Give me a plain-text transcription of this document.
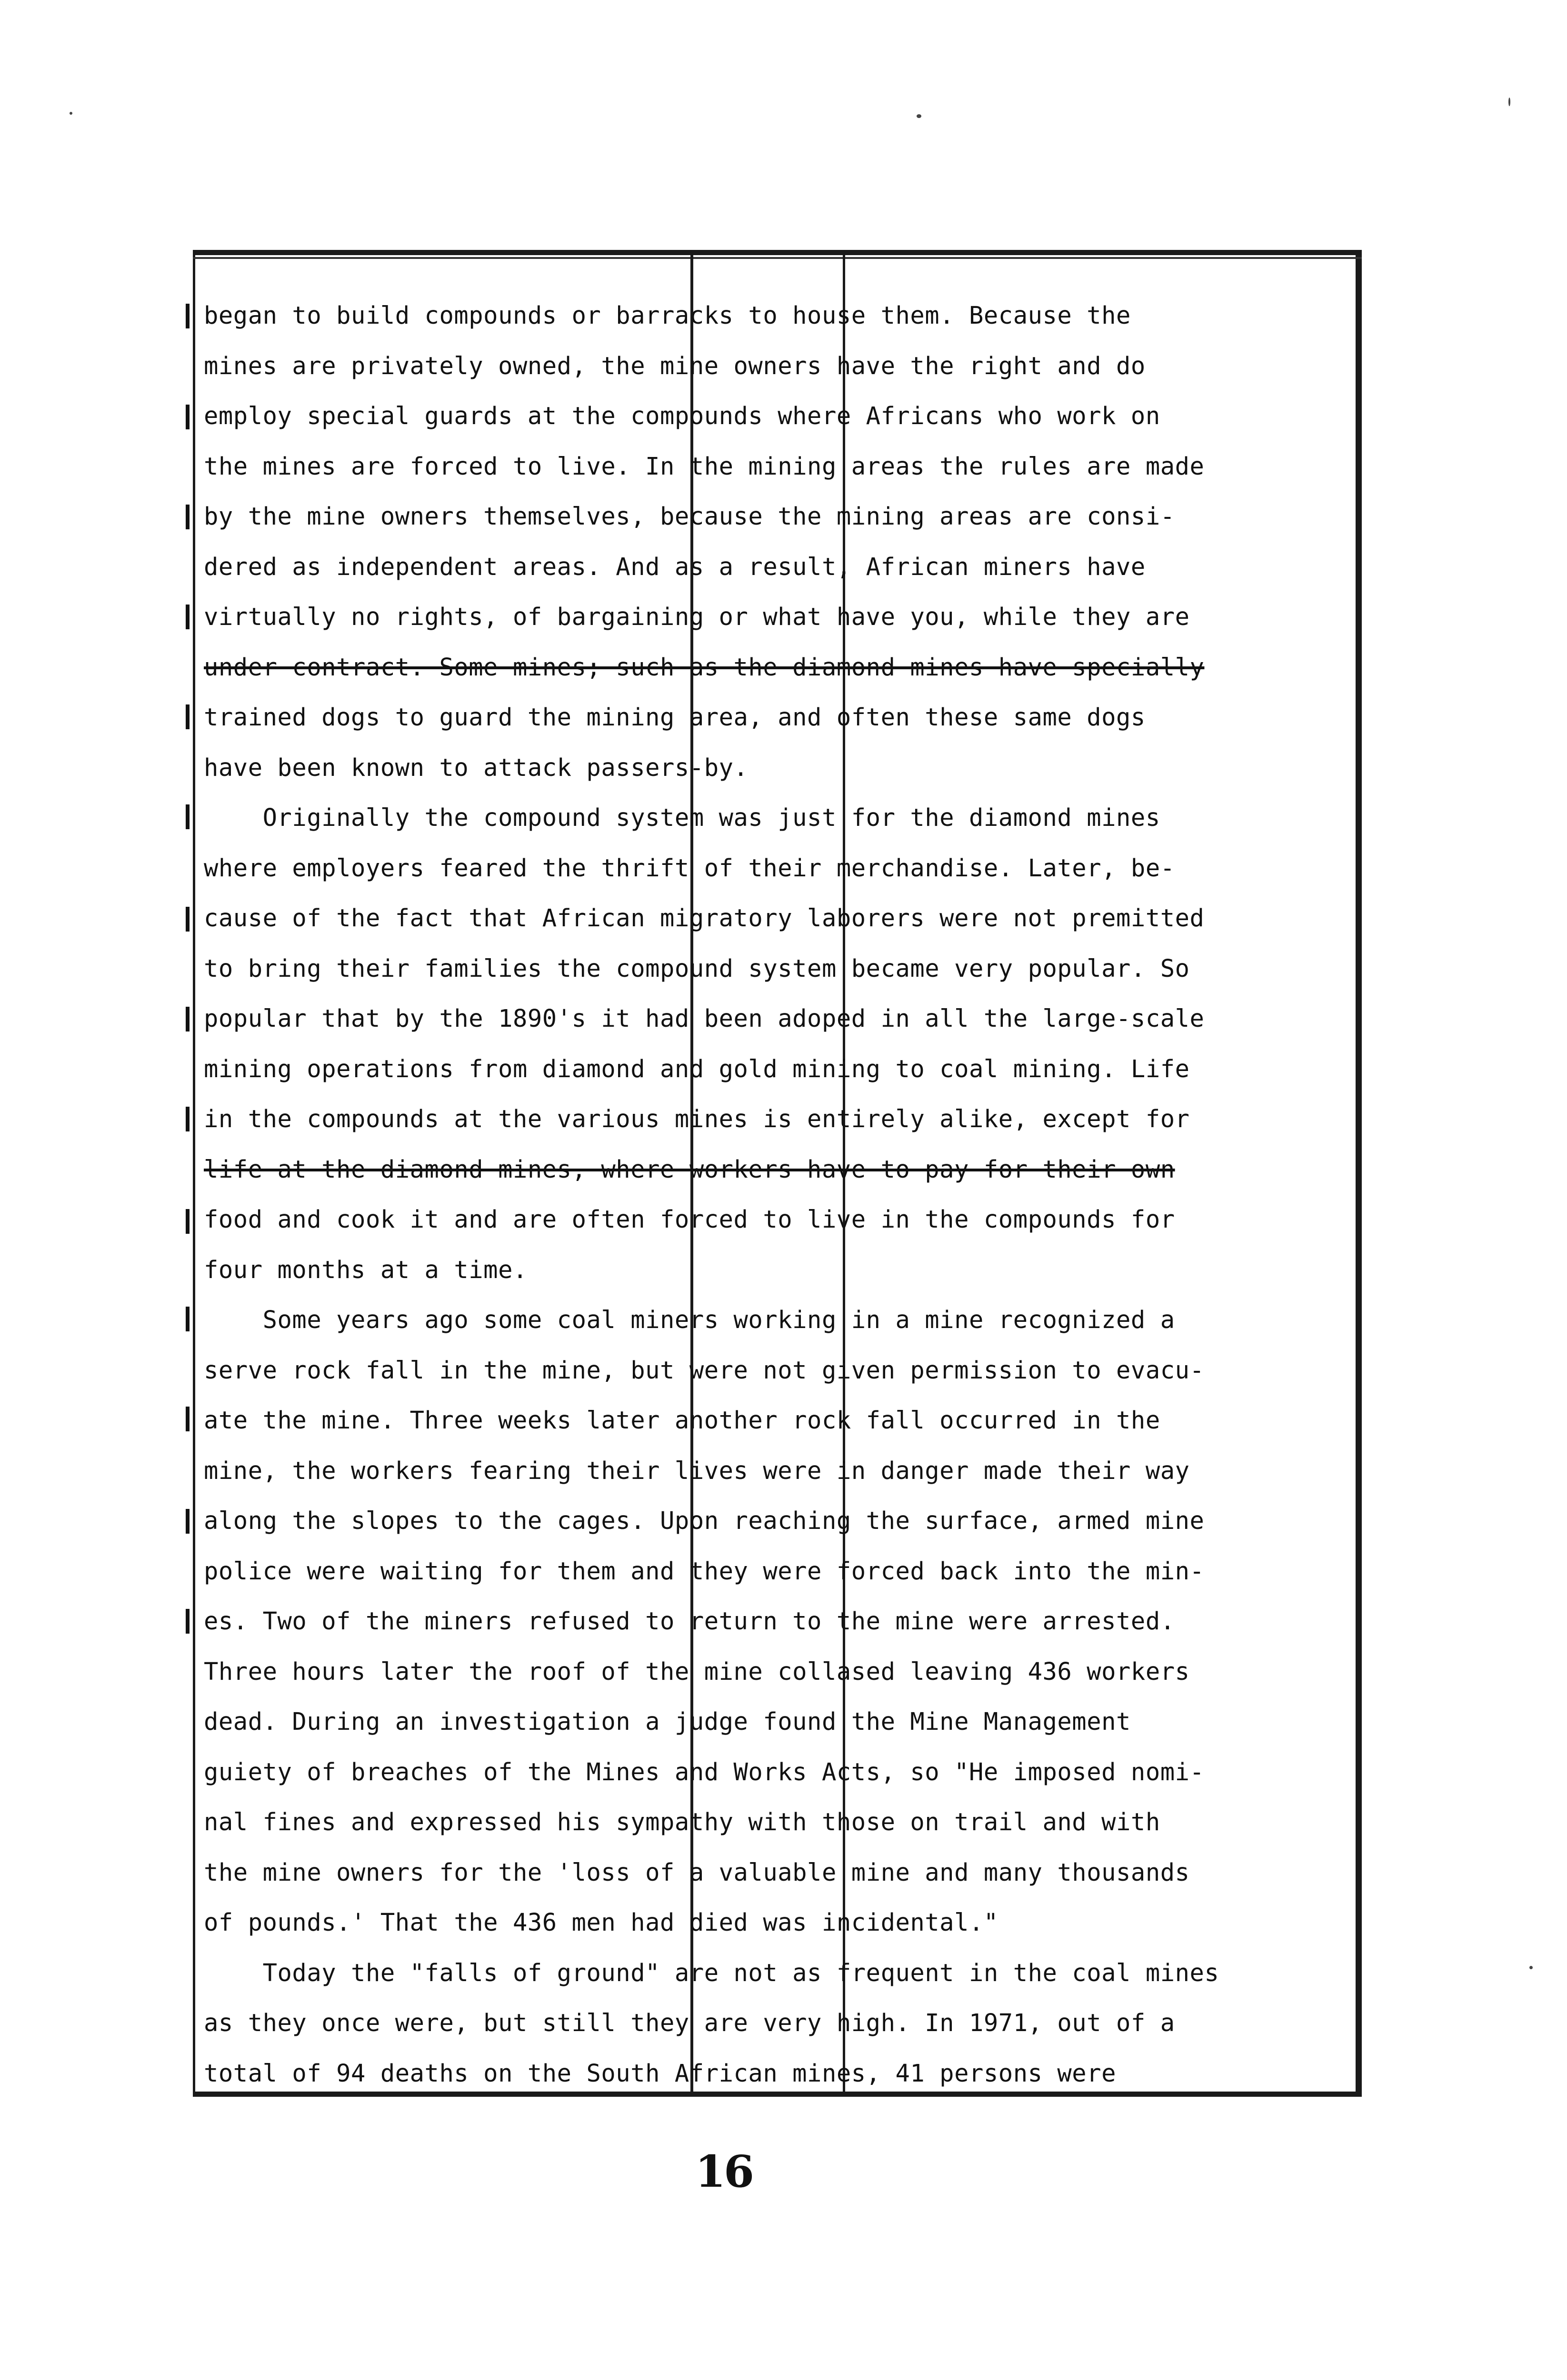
began to build compounds or barracks to house them. Because the
mines are privately owned, the mine owners have the right and do
employ special guards at the compounds where Africans who work on
the mines are forced to live. In the mining areas the rules are made
by the mine owners themselves, because the mining areas are consi-
dered as independent areas. And as a result, African miners have
virtually no rights, of bargaining or what have you, while they are
under contract. Some mines; such as the diamond mines have specially
trained dogs to guard the mining area, and often these same dogs
have been known to attack passers-by.
Originally the compound system was just for the diamond mines
where employers feared the thrift of their merchandise. Later, be-
cause of the fact that African migratory laborers were not premitted
to bring their families the compound system became very popular. So
popular that by the 1890's it had been adoped in all the large-scale
mining operations from diamond and gold mining to coal mining. Life
in the compounds at the various mines is entirely alike, except for
life at the diamond mines, where workers have to pay for their own
food and cook it and are often forced to live in the compounds for
four months at a time.
Some years ago some coal miners working in a mine recognized a
serve rock fall in the mine, but were not given permission to evacu-
ate the mine. Three weeks later another rock fall occurred in the
mine, the workers fearing their lives were in danger made their way
along the slopes to the cages. Upon reaching the surface, armed mine
police were waiting for them and they were forced back into the min-
es. Two of the miners refused to return to the mine were arrested.
Three hours later the roof of the mine collased leaving 436 workers
dead. During an investigation a judge found the Mine Management
guiety of breaches of the Mines and Works Acts, so "He imposed nomi-
nal fines and expressed his sympathy with those on trail and with
the mine owners for the 'loss of a valuable mine and many thousands
of pounds.' That the 436 men had died was incidental."
Today the "falls of ground" are not as frequent in the coal mines
as they once were, but still they are very high. In 1971, out of a
total of 94 deaths on the South African mines, 41 persons were
16
